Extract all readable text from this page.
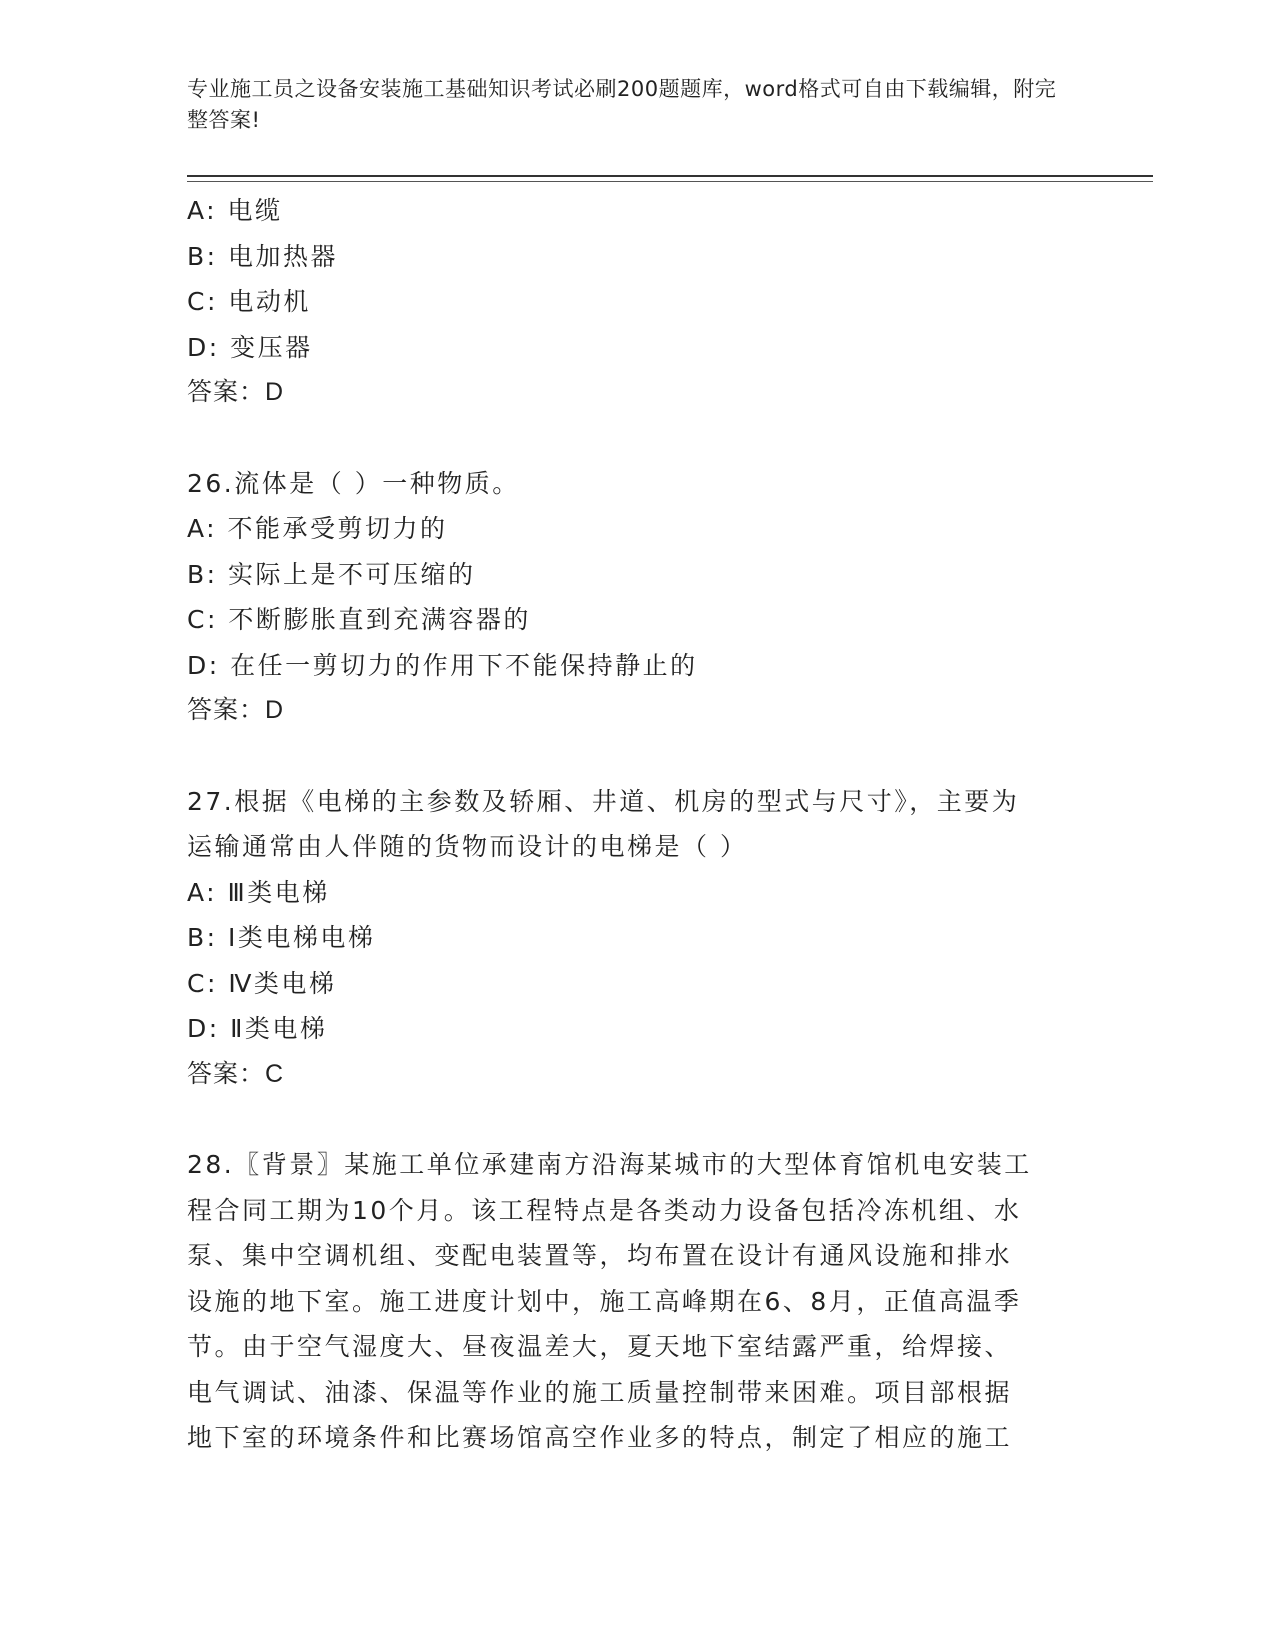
专业施工员之设备安装施工基础知识考试必刷200题题库，word格式可自由下载编辑，附完整答案!
A: 电缆
B: 电加热器
C: 电动机
D: 变压器
答案：D
26.流体是（ ）一种物质。
A: 不能承受剪切力的
B: 实际上是不可压缩的
C: 不断膨胀直到充满容器的
D: 在任一剪切力的作用下不能保持静止的
答案：D
27.根据《电梯的主参数及轿厢、井道、机房的型式与尺寸》，主要为
运输通常由人伴随的货物而设计的电梯是（ ）
A: Ⅲ类电梯
B: Ⅰ类电梯电梯
C: Ⅳ类电梯
D: Ⅱ类电梯
答案：C
28.〖背景〗某施工单位承建南方沿海某城市的大型体育馆机电安装工
程合同工期为10个月。该工程特点是各类动力设备包括冷冻机组、水
泵、集中空调机组、变配电装置等，均布置在设计有通风设施和排水
设施的地下室。施工进度计划中，施工高峰期在6、8月，正值高温季
节。由于空气湿度大、昼夜温差大，夏天地下室结露严重，给焊接、
电气调试、油漆、保温等作业的施工质量控制带来困难。项目部根据
地下室的环境条件和比赛场馆高空作业多的特点，制定了相应的施工
